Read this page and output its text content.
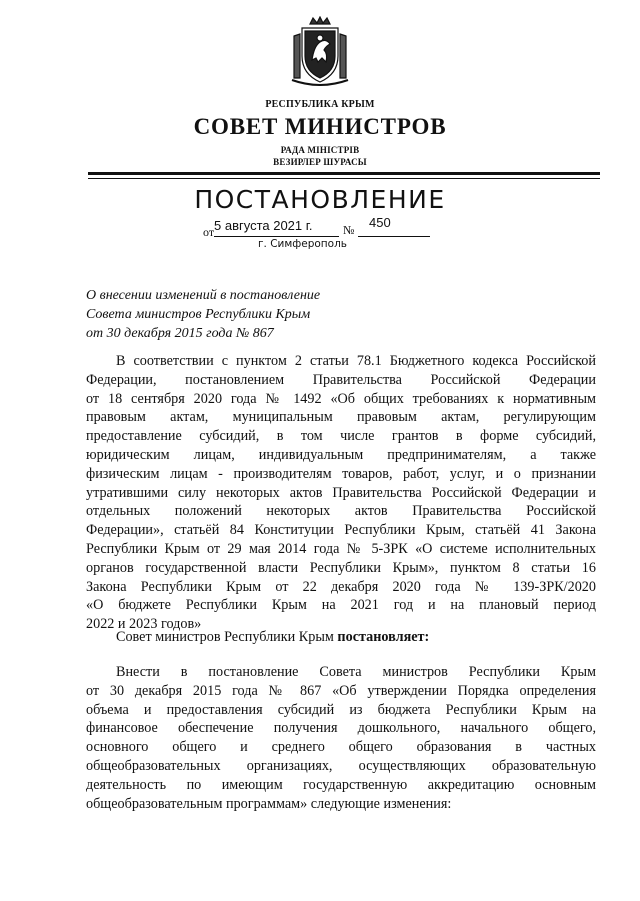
РЕСПУБЛИКА КРЫМ
СОВЕТ МИНИСТРОВ
РАДА МІНІСТРІВ
ВЕЗИРЛЕР ШУРАСЫ
ПОСТАНОВЛЕНИЕ
от 5 августа 2021 г.	№ 450
г. Симферополь
О внесении изменений в постановление
Совета министров Республики Крым
от 30 декабря 2015 года № 867
В соответствии с пунктом 2 статьи 78.1 Бюджетного кодекса Российской
Федерации, постановлением Правительства Российской Федерации
от 18 сентября 2020 года № 1492 «Об общих требованиях к нормативным
правовым актам, муниципальным правовым актам, регулирующим
предоставление субсидий, в том числе грантов в форме субсидий,
юридическим лицам, индивидуальным предпринимателям, а также
физическим лицам - производителям товаров, работ, услуг, и о признании
утратившими силу некоторых актов Правительства Российской Федерации и
отдельных положений некоторых актов Правительства Российской
Федерации», статьёй 84 Конституции Республики Крым, статьёй 41 Закона
Республики Крым от 29 мая 2014 года № 5-ЗРК «О системе исполнительных
органов государственной власти Республики Крым», пунктом 8 статьи 16
Закона Республики Крым от 22 декабря 2020 года № 139-ЗРК/2020
«О бюджете Республики Крым на 2021 год и на плановый период
2022 и 2023 годов»
Совет министров Республики Крым постановляет:
Внести в постановление Совета министров Республики Крым
от 30 декабря 2015 года № 867 «Об утверждении Порядка определения
объема и предоставления субсидий из бюджета Республики Крым на
финансовое обеспечение получения дошкольного, начального общего,
основного общего и среднего общего образования в частных
общеобразовательных организациях, осуществляющих образовательную
деятельность по имеющим государственную аккредитацию основным
общеобразовательным программам» следующие изменения:
